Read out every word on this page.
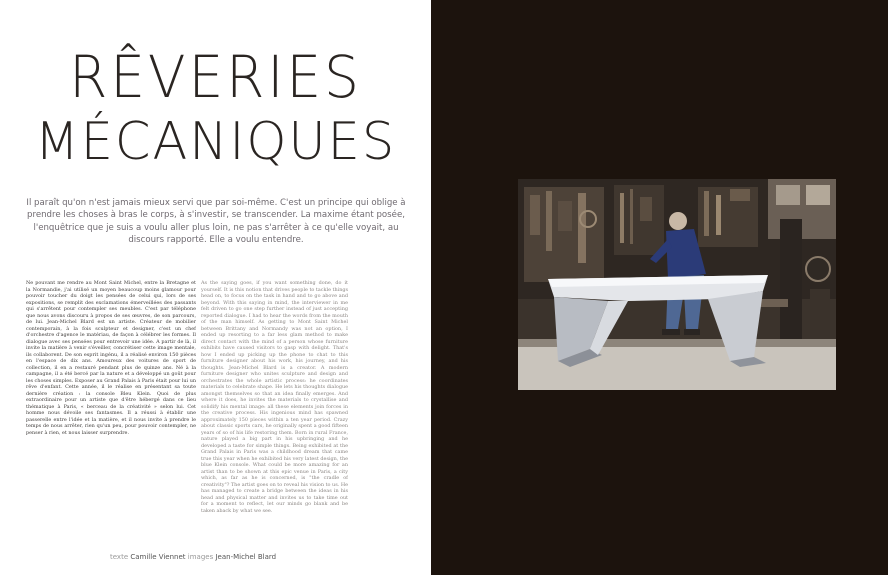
RÊVERIES
MÉCANIQUES
Il paraît qu'on n'est jamais mieux servi que par soi-même. C'est un principe qui oblige à prendre les choses à bras le corps, à s'investir, se transcender. La maxime étant posée, l'enquêtrice que je suis a voulu aller plus loin, ne pas s'arrêter à ce qu'elle voyait, au discours rapporté. Elle a voulu entendre.
Ne pouvant me rendre au Mont Saint Michel, entre la Bretagne et la Normandie, j'ai utilisé un moyen beaucoup moins glamour pour pouvoir toucher du doigt les pensées de celui qui, lors de ses expositions, se remplit des exclamations émerveillées des passants qui s'arrêtent pour contempler ses meubles. C'est par téléphone que nous avons discouru à propos de ses œuvres, de son parcours, de lui. Jean-Michel Blard est un artiste. Créateur de mobilier contemporain, à la fois sculpteur et designer, c'est un chef d'orchestre d'agence le matériau, de façon à célébrer les formes. Il dialogue avec ses pensées pour entrevoir une idée. A partir de là, il invite la matière à venir s'éveiller, concrétiser cette image mentale, ils collaborent. De son esprit ingénu, il a réalisé environ 150 pièces en l'espace de dix ans. Amoureux des voitures de sport de collection, il en a restauré pendant plus de quinze ans. Né à la campagne, il a été bercé par la nature et a développé un goût pour les choses simples. Exposer au Grand Palais à Paris était pour lui un rêve d'enfant. Cette année, il le réalise en présentant sa toute dernière création : la console Bleu Klein. Quoi de plus extraordinaire pour un artiste que d'être hébergé dans ce lieu thématique à Paris, « berceau de la créativité » selon lui. Cet homme nous dévoile ses fantasmes. Il a réussi à établir une passerelle entre l'idée et la matière, et il nous invite à prendre le temps de nous arrêter, rien qu'un peu, pour pouvoir contempler, ne penser à rien, et nous laisser surprendre.
As the saying goes, if you want something done, do it yourself. It is this notion that drives people to tackle things head on, to focus on the task in hand and to go above and beyond. With this saying in mind, the interviewer in me felt driven to go one step further instead of just accepting reported dialogue. I had to hear the words from the mouth of the man himself. As getting to Mont Saint Michel between Brittany and Normandy was not an option, I ended up resorting to a far less glam method to make direct contact with the mind of a person whose furniture exhibits have caused visitors to gasp with delight. That's how I ended up picking up the phone to chat to this furniture designer about his work, his journey, and his thoughts. Jean-Michel Blard is a creator. A modern furniture designer who unites sculpture and design and orchestrates the whole artistic process: he coordinates materials to celebrate shape. He lets his thoughts dialogue amongst themselves so that an idea finally emerges. And where it does, he invites the materials to crystallise and solidify his mental image: all these elements join forces in the creative process. His ingenious mind has spawned approximately 150 pieces within a ten year period. Crazy about classic sports cars, he originally spent a good fifteen years of so of his life restoring them. Born in rural France, nature played a big part in his upbringing and he developed a taste for simple things. Being exhibited at the Grand Palais in Paris was a childhood dream that came true this year when he exhibited his very latest design, the blue Klein console. What could be more amazing for an artist than to be shown at this epic venue in Paris, a city which, as far as he is concerned, is "the cradle of creativity"? The artist goes on to reveal his vision to us. He has managed to create a bridge between the ideas in his head and physical matter and invites us to take time out for a moment to reflect, let our minds go blank and be taken aback by what we see.
texte Camille Viennet images Jean-Michel Blard
